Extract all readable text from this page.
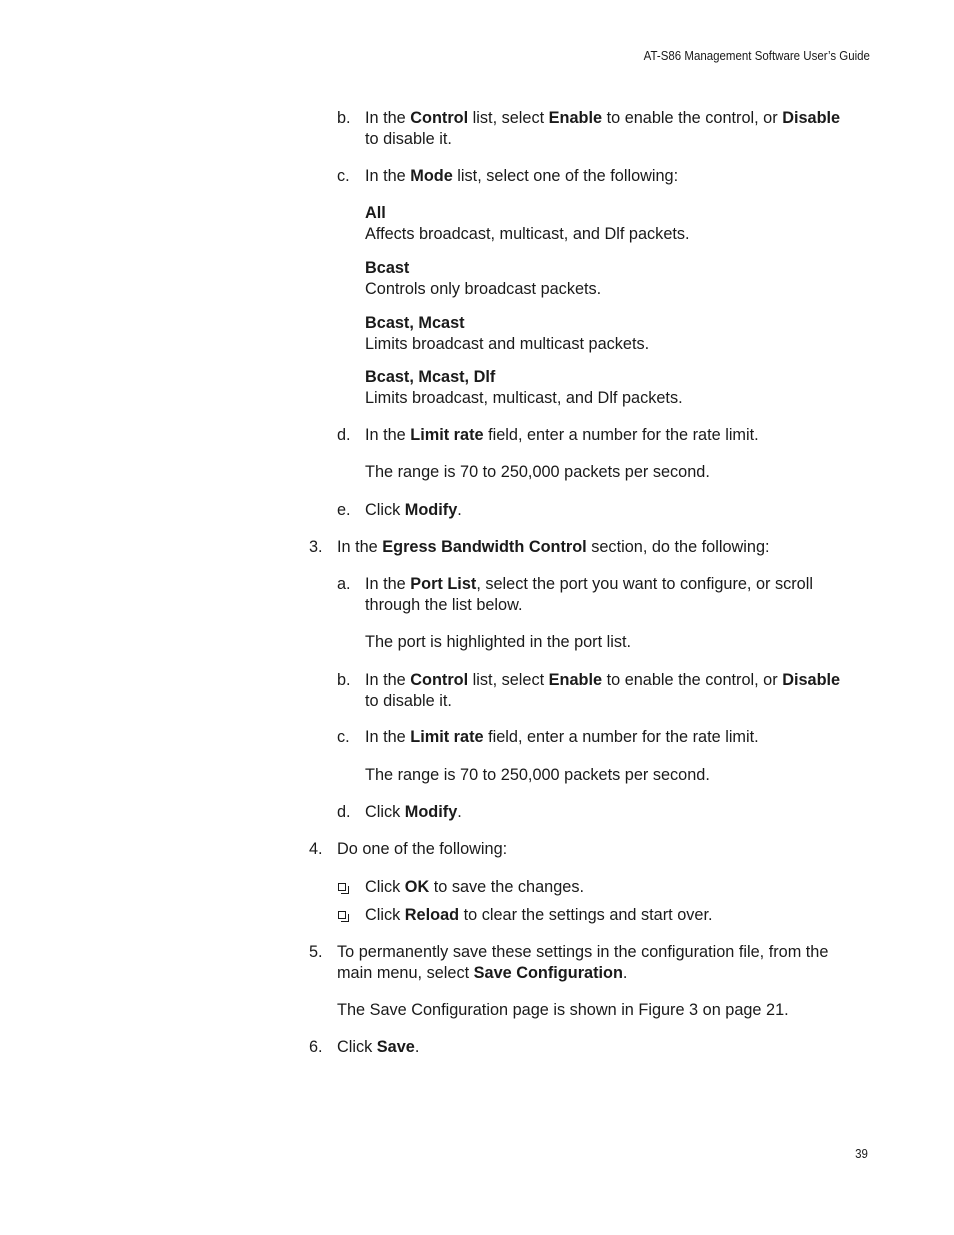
AT-S86 Management Software User’s Guide
b. In the Control list, select Enable to enable the control, or Disable
to disable it.

c. In the Mode list, select one of the following:

All
Affects broadcast, multicast, and Dlf packets.

Bcast
Controls only broadcast packets.

Bcast, Mcast
Limits broadcast and multicast packets.

Bcast, Mcast, Dlf
Limits broadcast, multicast, and Dlf packets.

d. In the Limit rate field, enter a number for the rate limit.

The range is 70 to 250,000 packets per second.

e. Click Modify.

3. In the Egress Bandwidth Control section, do the following:

a. In the Port List, select the port you want to configure, or scroll
through the list below.

The port is highlighted in the port list.

b. In the Control list, select Enable to enable the control, or Disable
to disable it.

c. In the Limit rate field, enter a number for the rate limit.

The range is 70 to 250,000 packets per second.

d. Click Modify.

4. Do one of the following:

Click OK to save the changes.

Click Reload to clear the settings and start over.

5. To permanently save these settings in the configuration file, from the
main menu, select Save Configuration.

The Save Configuration page is shown in Figure 3 on page 21.

6. Click Save.

39
